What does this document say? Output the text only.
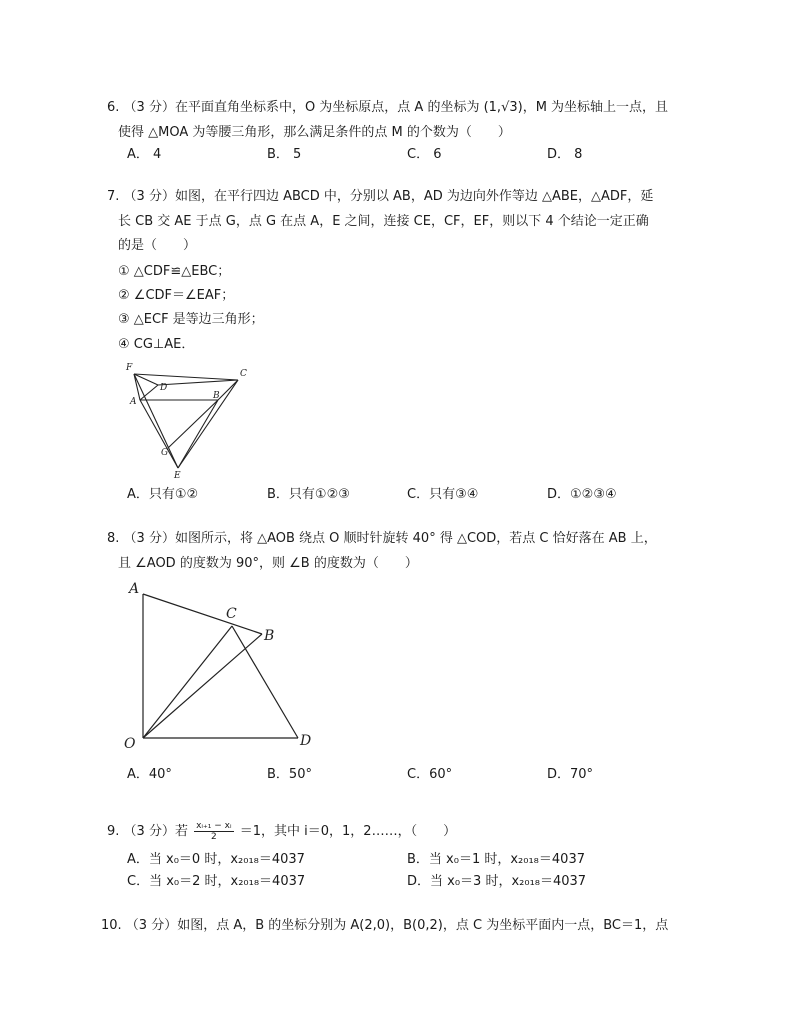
6. （3 分）在平面直角坐标系中，O 为坐标原点，点 A 的坐标为 (1,√3)，M 为坐标轴上一点，且
使得 △MOA 为等腰三角形，那么满足条件的点 M 的个数为（　　）
A． 4	B． 5	C． 6	D． 8
7. （3 分）如图，在平行四边 ABCD 中，分别以 AB，AD 为边向外作等边 △ABE，△ADF，延
长 CB 交 AE 于点 G，点 G 在点 A，E 之间，连接 CE，CF，EF，则以下 4 个结论一定正确
的是（　　）
① △CDF≌△EBC；
② ∠CDF＝∠EAF；
③ △ECF 是等边三角形；
④ CG⊥AE．
F
C
D
A
B
G
E
A．只有①②	B．只有①②③	C．只有③④	D．①②③④
8. （3 分）如图所示，将 △AOB 绕点 O 顺时针旋转 40° 得 △COD，若点 C 恰好落在 AB 上，
且 ∠AOD 的度数为 90°，则 ∠B 的度数为（　　）
A
C
B
O	D
A．40°	B．50°	C．60°	D．70°
9. （3 分）若 $\frac{\text{xᵢ₊₁ − xᵢ}}{2} =1$，其中 i＝0，1，2……，（　　）
A．当 x₀＝0 时，x₂₀₁₈＝4037	B．当 x₀＝1 时，x₂₀₁₈＝4037
C．当 x₀＝2 时，x₂₀₁₈＝4037	D．当 x₀＝3 时，x₂₀₁₈＝4037
10. （3 分）如图，点 A，B 的坐标分别为 A(2,0)，B(0,2)，点 C 为坐标平面内一点，BC＝1，点
